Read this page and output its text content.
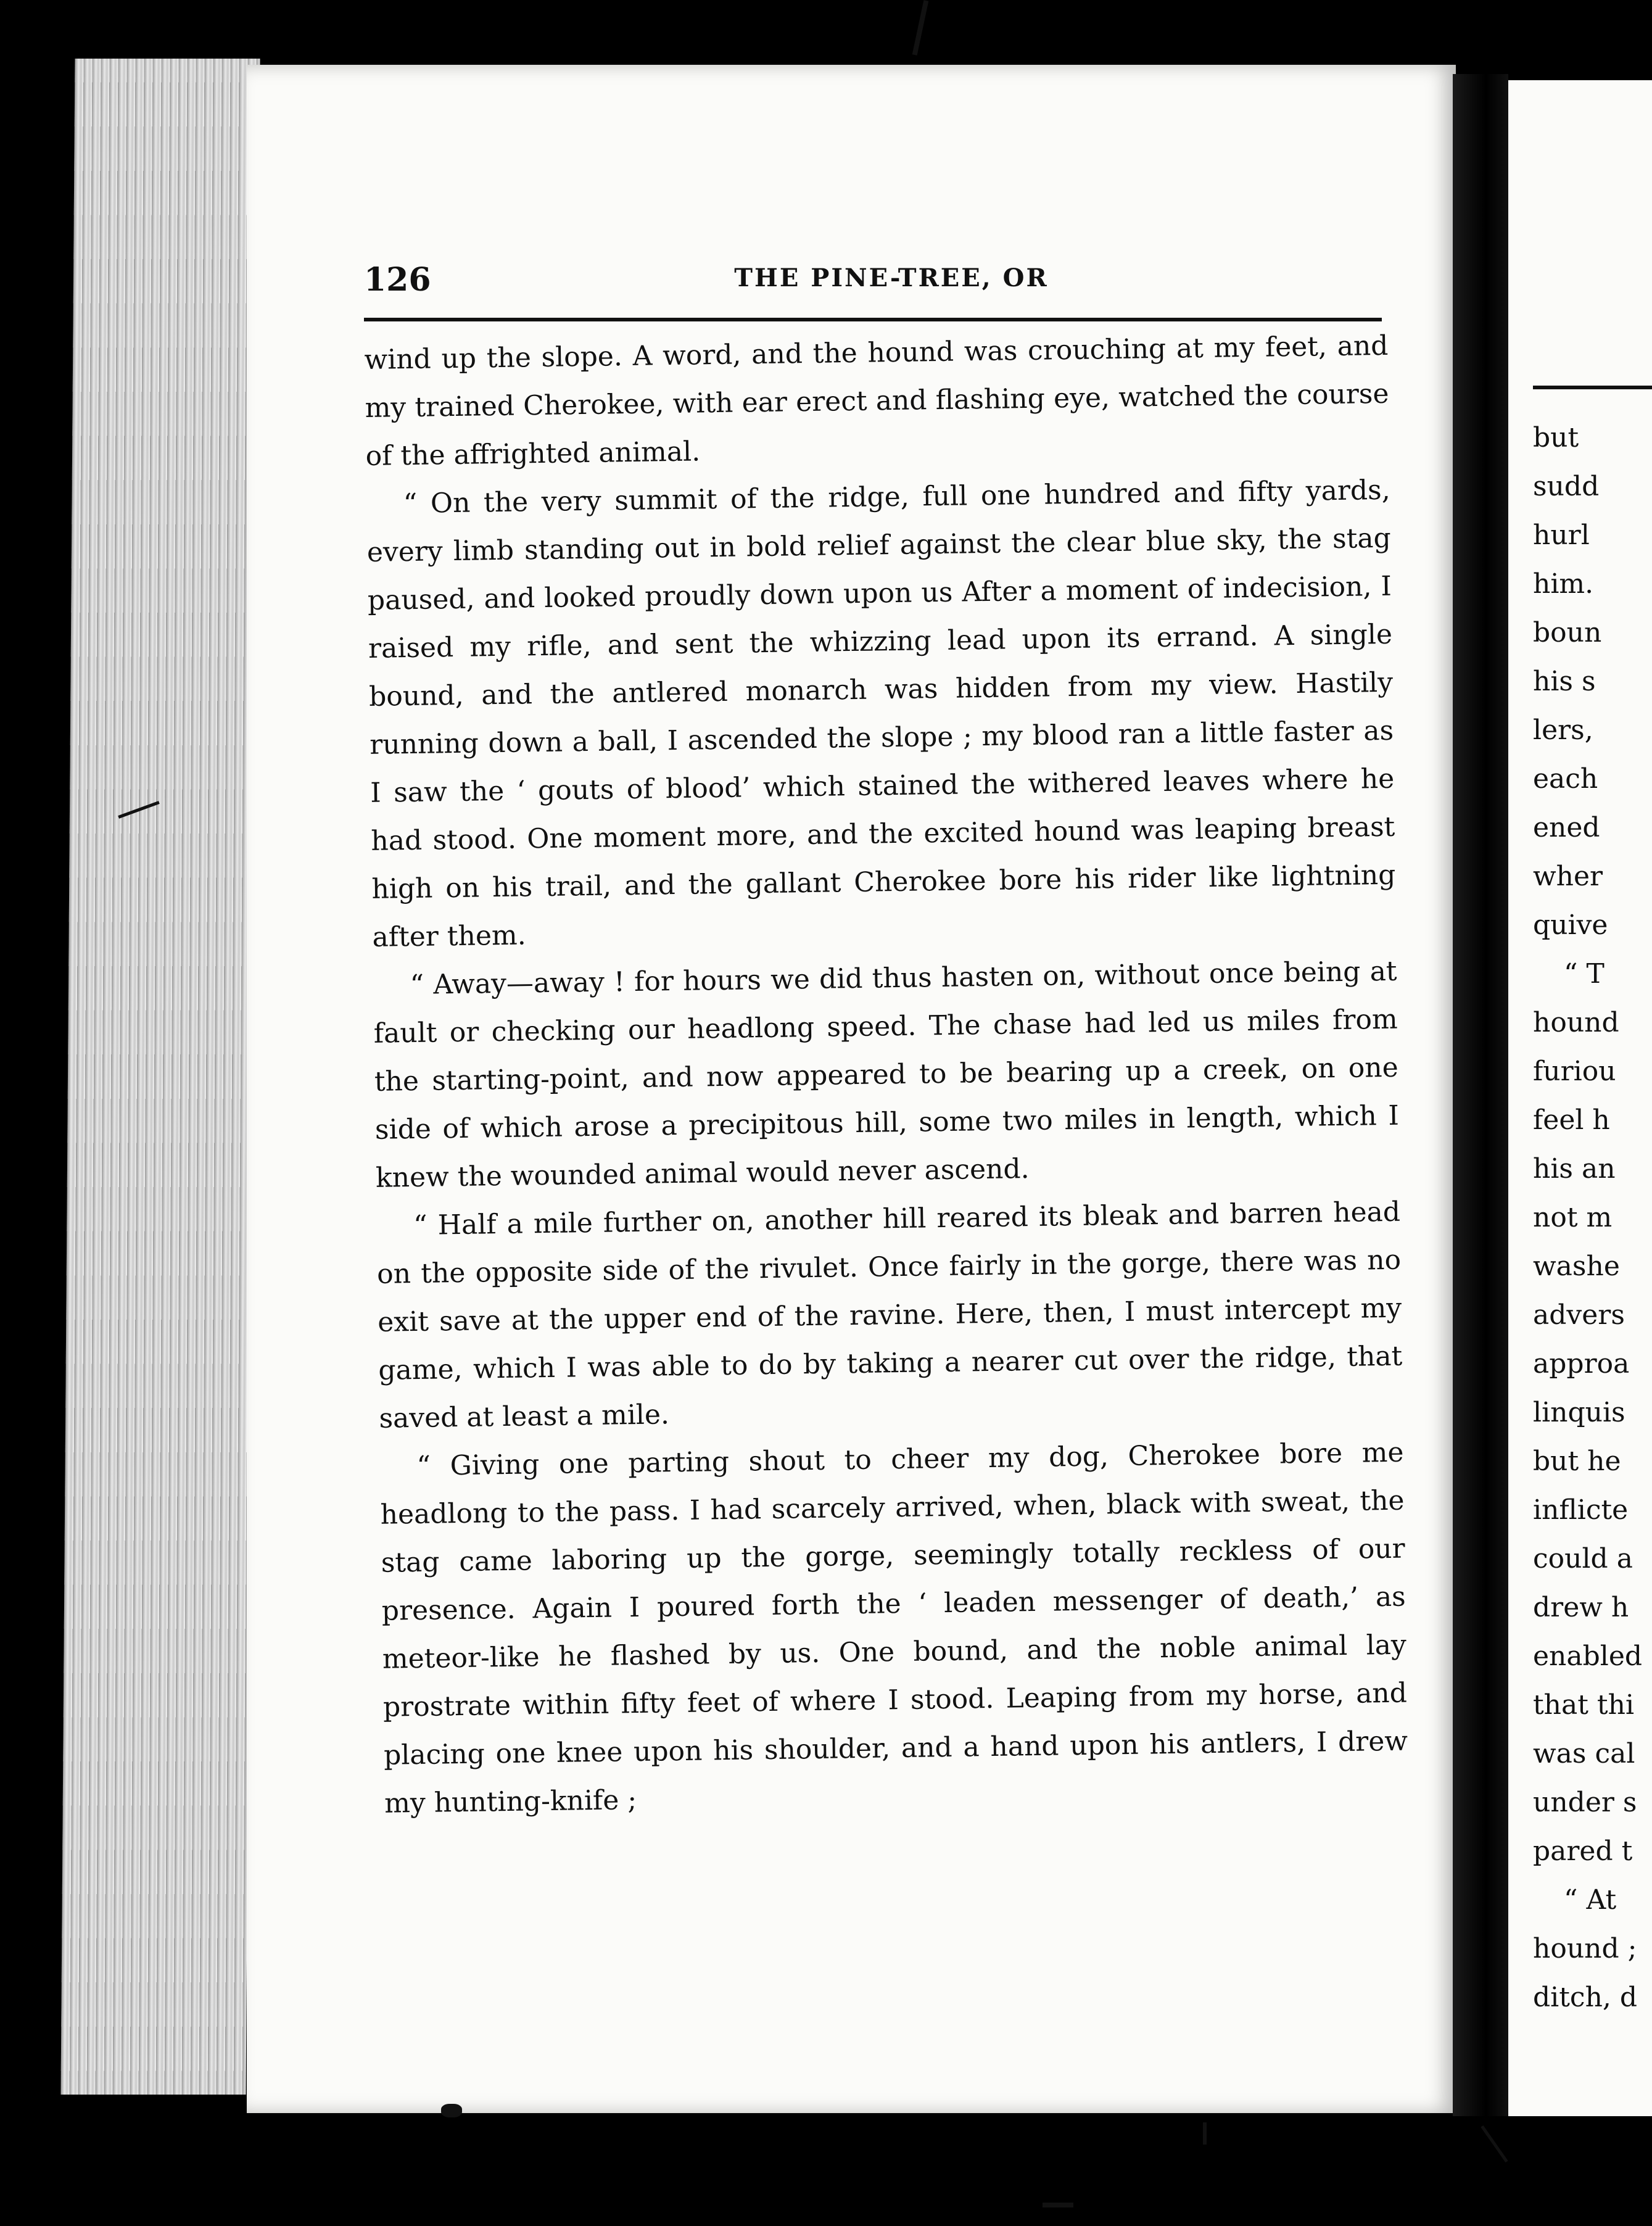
126	THE PINE-TREE, OR

wind up the slope. A word, and the hound was crouching at my feet, and my trained Cherokee, with ear erect and flashing eye, watched the course of the affrighted animal.

“ On the very summit of the ridge, full one hundred and fifty yards, every limb standing out in bold relief against the clear blue sky, the stag paused, and looked proudly down upon us After a moment of indecision, I raised my rifle, and sent the whizzing lead upon its errand. A single bound, and the antlered monarch was hidden from my view. Hastily running down a ball, I ascended the slope ; my blood ran a little faster as I saw the ‘ gouts of blood’ which stained the withered leaves where he had stood. One moment more, and the excited hound was leaping breast high on his trail, and the gallant Cherokee bore his rider like lightning after them.

“ Away—away ! for hours we did thus hasten on, without once being at fault or checking our headlong speed. The chase had led us miles from the starting-point, and now appeared to be bearing up a creek, on one side of which arose a precipitous hill, some two miles in length, which I knew the wounded animal would never ascend.

“ Half a mile further on, another hill reared its bleak and barren head on the opposite side of the rivulet. Once fairly in the gorge, there was no exit save at the upper end of the ravine. Here, then, I must intercept my game, which I was able to do by taking a nearer cut over the ridge, that saved at least a mile.

“ Giving one parting shout to cheer my dog, Cherokee bore me headlong to the pass. I had scarcely arrived, when, black with sweat, the stag came laboring up the gorge, seemingly totally reckless of our presence. Again I poured forth the ‘ leaden messenger of death,’ as meteor-like he flashed by us. One bound, and the noble animal lay prostrate within fifty feet of where I stood. Leaping from my horse, and placing one knee upon his shoulder, and a hand upon his antlers, I drew my hunting-knife ;

but
sudd
hurl
him.
boun
his s
lers,
each
ened
wher
quive
“ T
hound
furiou
feel h
his an
not m
washe
advers
approa
linquis
but he
inflicte
could a
drew h
enabled
that thi
was cal
under s
pared t
“ At
hound ;
ditch, d
